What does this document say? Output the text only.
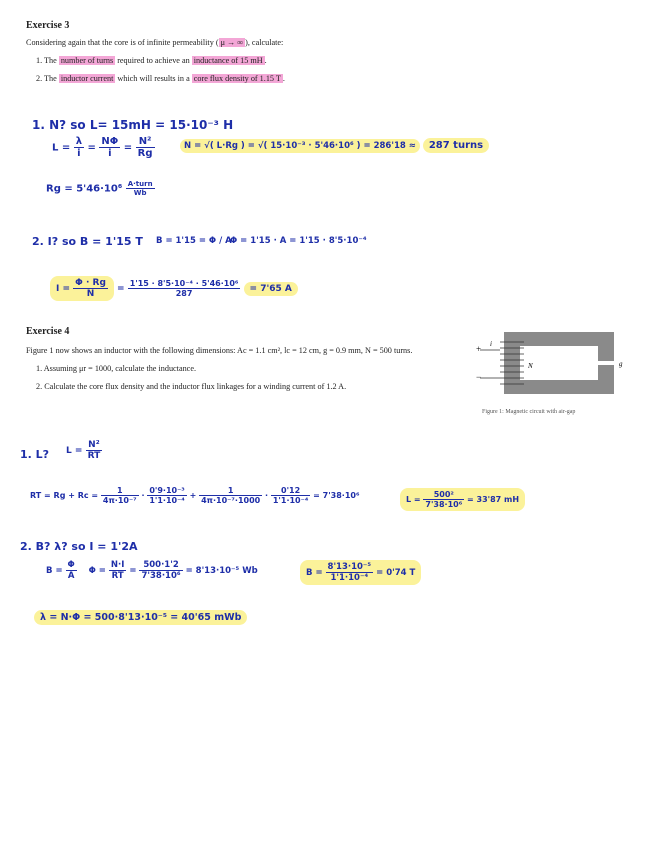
Exercise 3
Considering again that the core is of infinite permeability ( μ → ∞ ), calculate:
1. The number of turns required to achieve an inductance of 15 mH .
2. The inductor current which will results in a core flux density of 1.15 T .
1. N? so L= 15mH = 15·10⁻³ H
$L = \frac{\lambda}{i} = \frac{N\Phi}{i} = \frac{\text{N²}}{Rg}$	N = √( L·Rg ) = √( 15·10⁻³ · 5'46·10⁶ ) = 286'18 ≈ 287 turns
$Rg = 5'46\cdot 10^6 \frac{\text{A·turn}}{Wb}$
2. I? so B = 1'15 T B = 1'15 = Φ / A
Φ = 1'15 · A = 1'15 · 8'5·10⁻⁴
$I = \frac{\Phi \cdot Rg}{N} = \frac{\text{1'15 · 8'5·10⁻⁴ · 5'46·10⁶}}{287} = 7'65$ A
Exercise 4
Figure 1 now shows an inductor with the following dimensions: Ac = 1.1 cm², lc = 12 cm, g = 0.9 mm, N = 500 turns.
1. Assuming μr = 1000, calculate the inductance.
2. Calculate the core flux density and the inductor flux linkages for a winding current of 1.2 A.
+
−
i
N	g
Figure 1: Magnetic circuit with air-gap
1. L? $L = \frac{\text{N²}}{RT}$
RT = $Rg + Rc = \frac{1}{\text{4π·10⁻⁷}} \cdot \frac{\text{0'9·10⁻³}}{\text{1'1·10⁻⁴}} + \frac{1}{\text{4π·10⁻⁷·1000}} \cdot \frac{0'12}{\text{1'1·10⁻⁴}} = 7'38\cdot 10^6$	$L = \frac{\text{500²}}{\text{7'38·10⁶}} = 33'87$ mH
2. B? λ? so I = 1'2A
$B = \frac{\Phi}{A}$ $\Phi = \frac{N\cdot I}{RT} = \frac{500\cdot 1'2}{\text{7'38·10⁶}} = 8'13\cdot 10^{-5}$ Wb	$B = \frac{\text{8'13·10⁻⁵}}{\text{1'1·10⁻⁴}} = 0'74$ T
λ = N·Φ = 500·8'13·10⁻⁵ = 40'65 mWb
